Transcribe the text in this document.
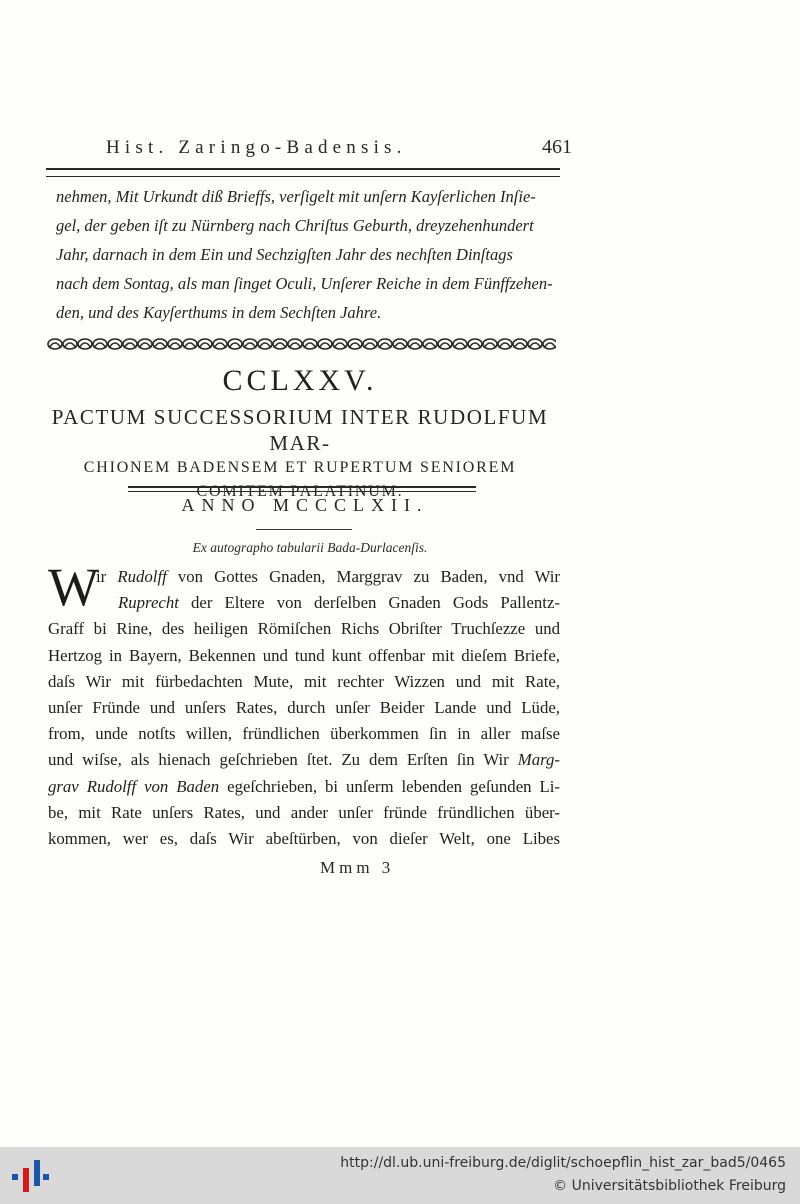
Hist. Zaringo-Badensis.	461
nehmen, Mit Urkundt diß Brieffs, verſigelt mit unſern Kayſerlichen Inſie-
gel, der geben iſt zu Nürnberg nach Chriſtus Geburth, dreyzehenhundert
Jahr, darnach in dem Ein und Sechzigſten Jahr des nechſten Dinſtags
nach dem Sontag, als man ſinget Oculi, Unſerer Reiche in dem Fünffzehen-
den, und des Kayſerthums in dem Sechſten Jahre.
CCLXXV.
PACTUM SUCCESSORIUM INTER RUDOLFUM MAR-
CHIONEM BADENSEM ET RUPERTUM SENIOREM
COMITEM PALATINUM.
ANNO MCCCLXII.
Ex autographo tabularii Bada-Durlacenſis.
W
ir Rudolff von Gottes Gnaden, Marggrav zu Baden, vnd Wir
Ruprecht der Eltere von derſelben Gnaden Gods Pallentz-
Graff bi Rine, des heiligen Römiſchen Richs Obriſter Truchſezze und
Hertzog in Bayern, Bekennen und tund kunt offenbar mit dieſem Briefe,
daſs Wir mit fürbedachten Mute, mit rechter Wizzen und mit Rate,
unſer Fründe und unſers Rates, durch unſer Beider Lande und Lüde,
from, unde notſts willen, fründlichen überkommen ſin in aller maſse
und wiſse, als hienach geſchrieben ſtet. Zu dem Erſten ſin Wir Marg-
grav Rudolff von Baden egeſchrieben, bi unſerm lebenden geſunden Li-
be, mit Rate unſers Rates, und ander unſer fründe fründlichen über-
kommen, wer es, daſs Wir abeſtürben, von dieſer Welt, one Libes
Mmm 3
http://dl.ub.uni-freiburg.de/diglit/schoepflin_hist_zar_bad5/0465
© Universitätsbibliothek Freiburg
